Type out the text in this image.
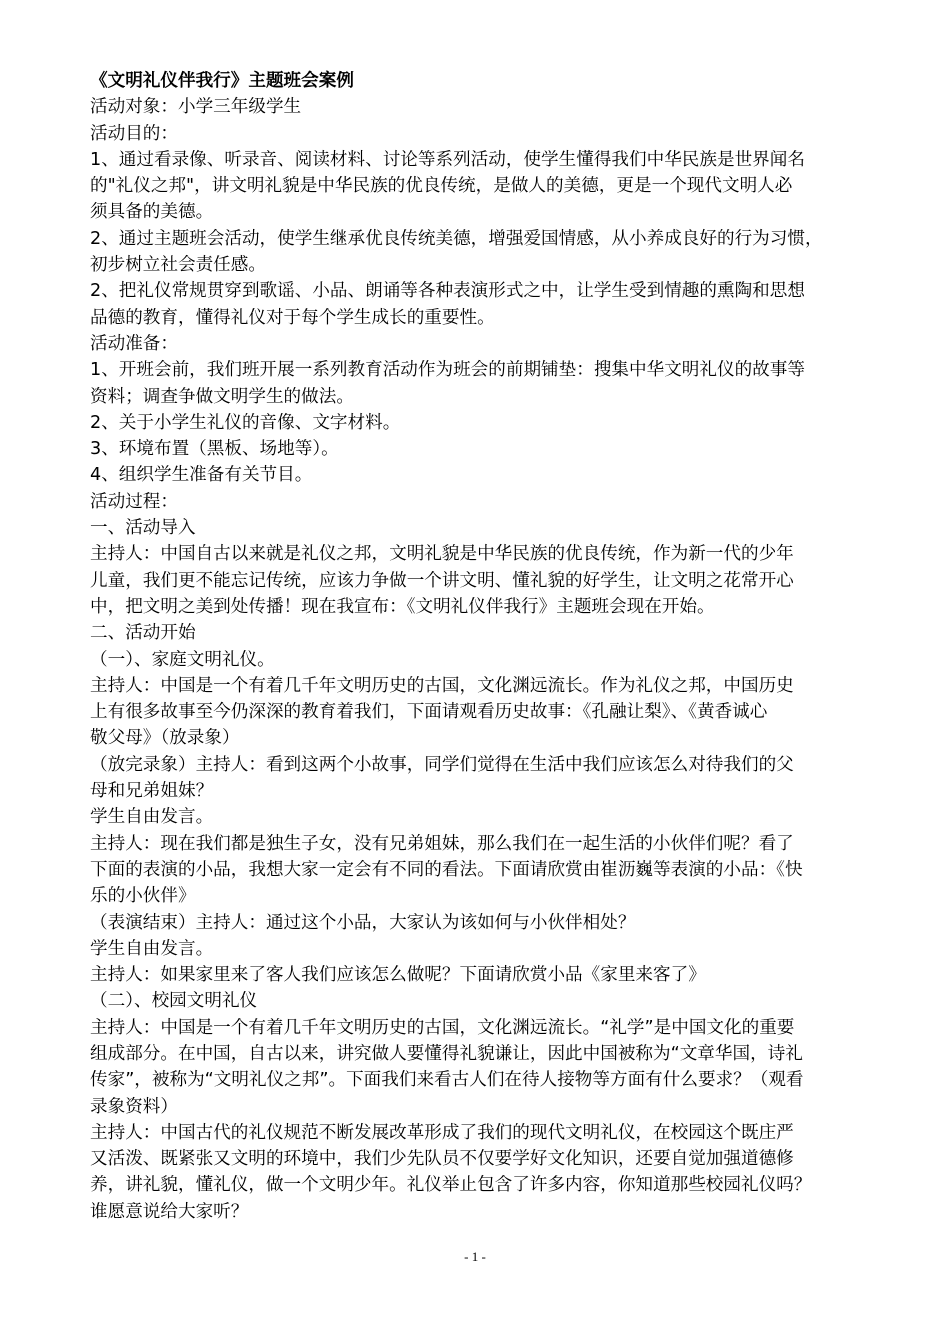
《文明礼仪伴我行》主题班会案例
活动对象：小学三年级学生
活动目的：
1、通过看录像、听录音、阅读材料、讨论等系列活动，使学生懂得我们中华民族是世界闻名
的"礼仪之邦"，讲文明礼貌是中华民族的优良传统，是做人的美德，更是一个现代文明人必
须具备的美德。
2、通过主题班会活动，使学生继承优良传统美德，增强爱国情感，从小养成良好的行为习惯，
初步树立社会责任感。
2、把礼仪常规贯穿到歌谣、小品、朗诵等各种表演形式之中，让学生受到情趣的熏陶和思想
品德的教育，懂得礼仪对于每个学生成长的重要性。
活动准备：
1、开班会前，我们班开展一系列教育活动作为班会的前期铺垫：搜集中华文明礼仪的故事等
资料；调查争做文明学生的做法。
2、关于小学生礼仪的音像、文字材料。
3、环境布置（黑板、场地等）。
4、组织学生准备有关节目。
活动过程：
一、活动导入
主持人：中国自古以来就是礼仪之邦，文明礼貌是中华民族的优良传统，作为新一代的少年
儿童，我们更不能忘记传统，应该力争做一个讲文明、懂礼貌的好学生，让文明之花常开心
中，把文明之美到处传播！现在我宣布：《文明礼仪伴我行》主题班会现在开始。
二、活动开始
（一）、家庭文明礼仪。
主持人：中国是一个有着几千年文明历史的古国，文化渊远流长。作为礼仪之邦，中国历史
上有很多故事至今仍深深的教育着我们，下面请观看历史故事：《孔融让梨》、《黄香诚心
敬父母》（放录象）
（放完录象）主持人：看到这两个小故事，同学们觉得在生活中我们应该怎么对待我们的父
母和兄弟姐妹？
学生自由发言。
主持人：现在我们都是独生子女，没有兄弟姐妹，那么我们在一起生活的小伙伴们呢？看了
下面的表演的小品，我想大家一定会有不同的看法。下面请欣赏由崔沥巍等表演的小品：《快
乐的小伙伴》
（表演结束）主持人：通过这个小品，大家认为该如何与小伙伴相处？
学生自由发言。
主持人：如果家里来了客人我们应该怎么做呢？下面请欣赏小品《家里来客了》
（二）、校园文明礼仪
主持人：中国是一个有着几千年文明历史的古国，文化渊远流长。“礼学”是中国文化的重要
组成部分。在中国，自古以来，讲究做人要懂得礼貌谦让，因此中国被称为“文章华国，诗礼
传家”，被称为“文明礼仪之邦”。下面我们来看古人们在待人接物等方面有什么要求？（观看
录象资料）
主持人：中国古代的礼仪规范不断发展改革形成了我们的现代文明礼仪，在校园这个既庄严
又活泼、既紧张又文明的环境中，我们少先队员不仅要学好文化知识，还要自觉加强道德修
养，讲礼貌，懂礼仪，做一个文明少年。礼仪举止包含了许多内容，你知道那些校园礼仪吗？
谁愿意说给大家听？
- 1 -
